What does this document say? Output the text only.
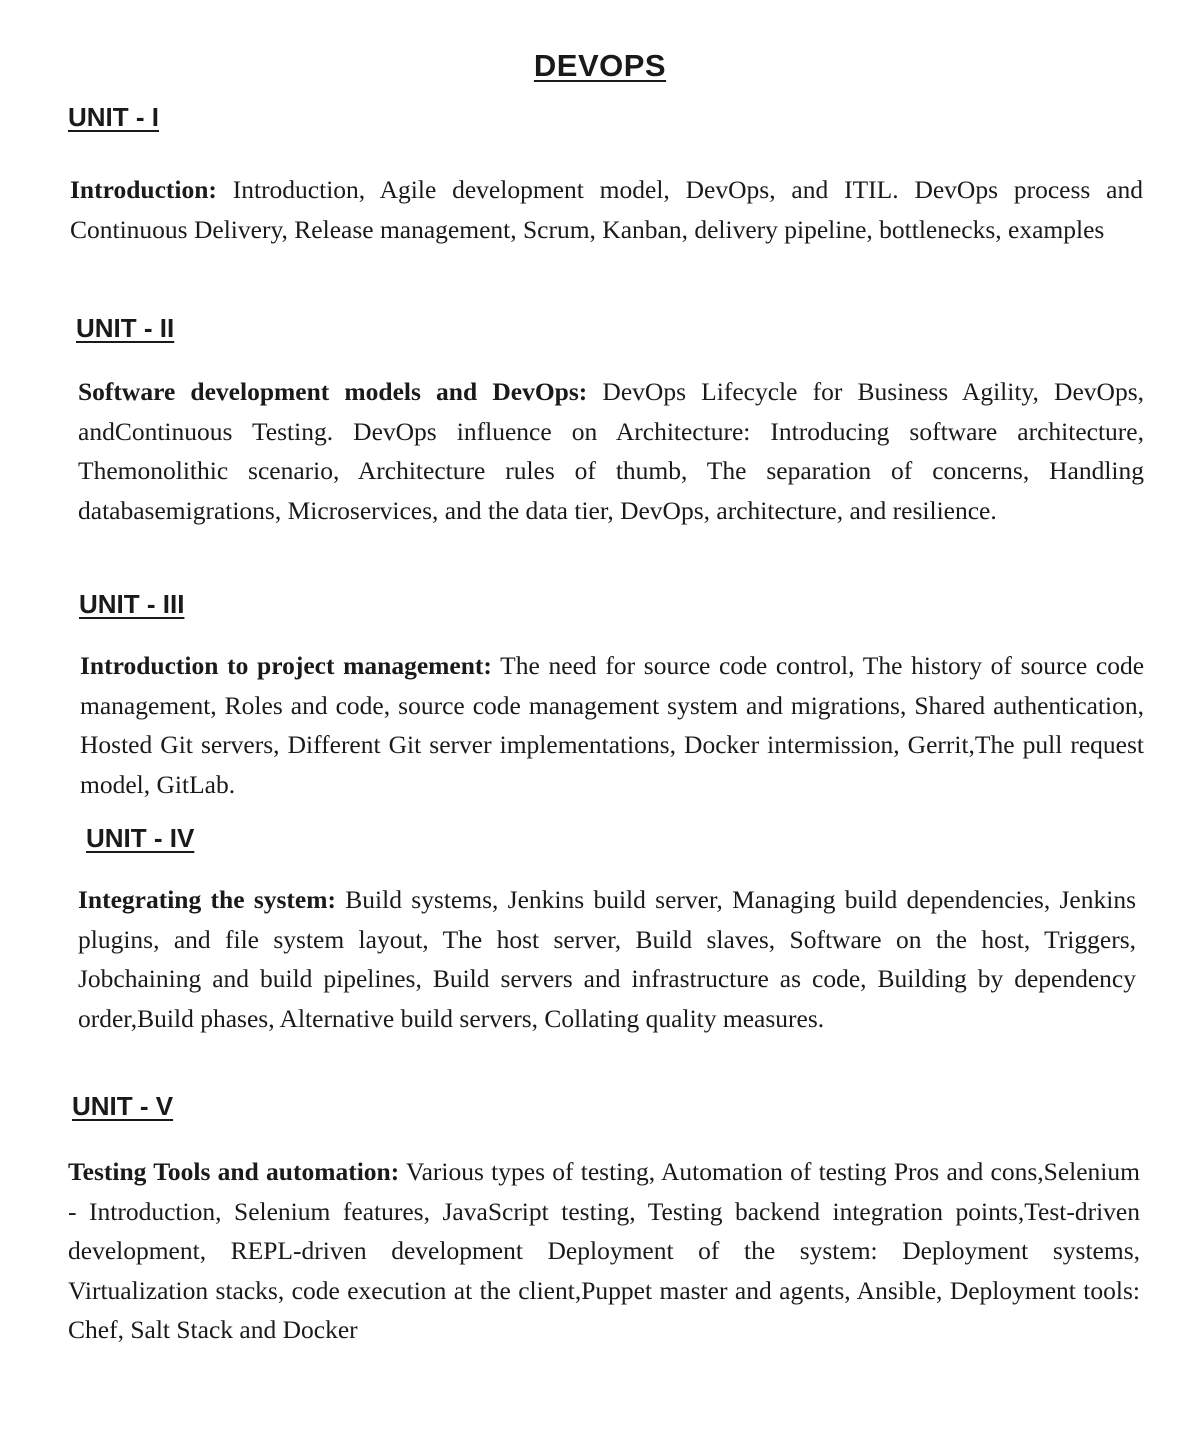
DEVOPS
UNIT - I

Introduction: Introduction, Agile development model, DevOps, and ITIL. DevOps process and Continuous Delivery, Release management, Scrum, Kanban, delivery pipeline, bottlenecks, examples

UNIT - II

Software development models and DevOps: DevOps Lifecycle for Business Agility, DevOps, andContinuous Testing. DevOps influence on Architecture: Introducing software architecture, Themonolithic scenario, Architecture rules of thumb, The separation of concerns, Handling databasemigrations, Microservices, and the data tier, DevOps, architecture, and resilience.

UNIT - III

Introduction to project management: The need for source code control, The history of source code management, Roles and code, source code management system and migrations, Shared authentication, Hosted Git servers, Different Git server implementations, Docker intermission, Gerrit,The pull request model, GitLab.

UNIT - IV

Integrating the system: Build systems, Jenkins build server, Managing build dependencies, Jenkins plugins, and file system layout, The host server, Build slaves, Software on the host, Triggers, Jobchaining and build pipelines, Build servers and infrastructure as code, Building by dependency order,Build phases, Alternative build servers, Collating quality measures.

UNIT - V

Testing Tools and automation: Various types of testing, Automation of testing Pros and cons,Selenium - Introduction, Selenium features, JavaScript testing, Testing backend integration points,Test-driven development, REPL-driven development Deployment of the system: Deployment systems, Virtualization stacks, code execution at the client,Puppet master and agents, Ansible, Deployment tools: Chef, Salt Stack and Docker
